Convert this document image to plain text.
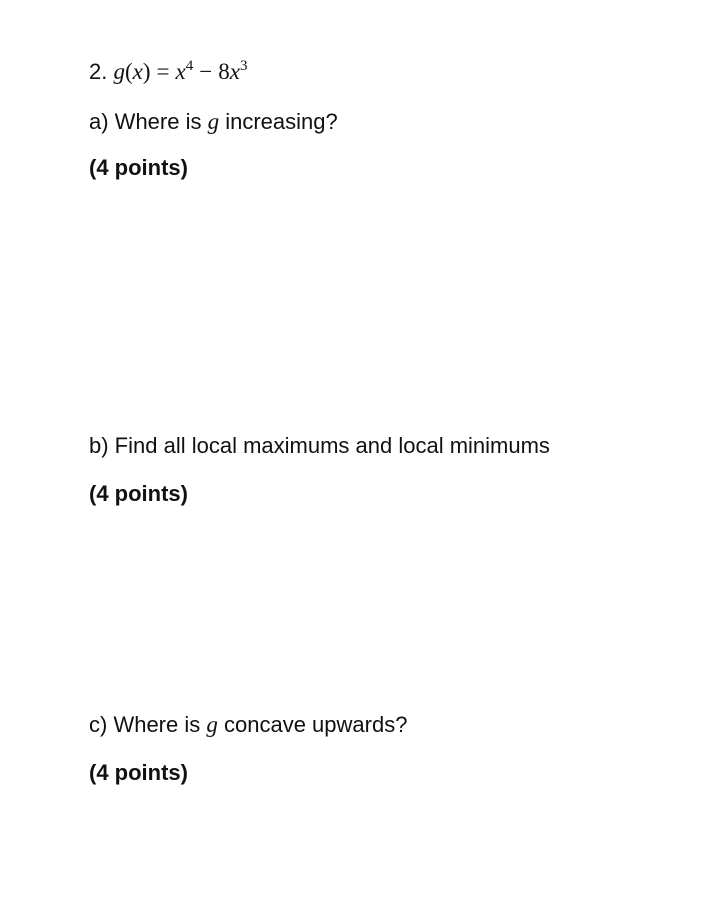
2. $g(x) = x^4 - 8x^3$
a) Where is g increasing?
(4 points)
b) Find all local maximums and local minimums
(4 points)
c) Where is g concave upwards?
(4 points)
